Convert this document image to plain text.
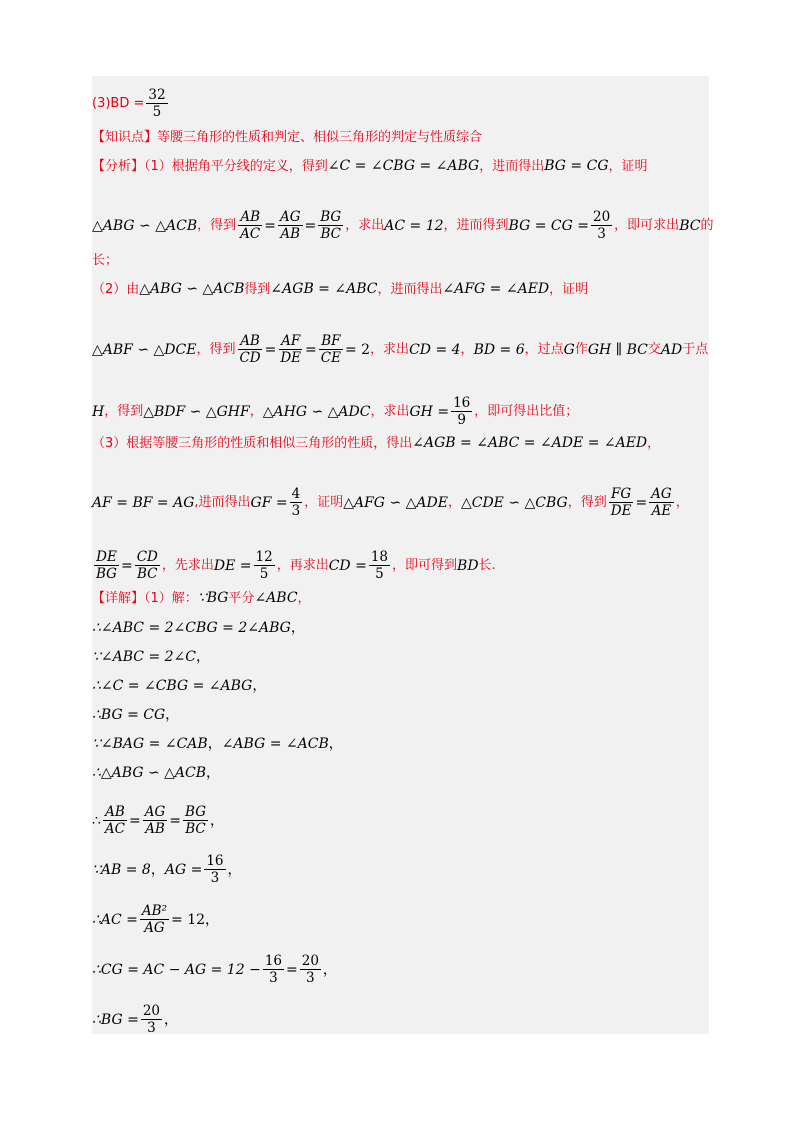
$(3)BD = \frac{32}{5}$
【知识点】等腰三角形的性质和判定、相似三角形的判定与性质综合
【分析】（1）根据角平分线的定义，得到 ∠C = ∠CBG = ∠ABG ，进而得出 BG = CG ，证明
△ABG ∽ △ACB ，得到 $\frac{AB}{AC} = \frac{AG}{AB} = \frac{BG}{BC}$ ，求出 AC = 12 ，进而得到 BG = CG = $\frac{20}{3}$ ，即可求出 BC 的
长；
（2）由 △ABG ∽ △ACB 得到 ∠AGB = ∠ABC ，进而得出 ∠AFG = ∠AED ，证明
△ABF ∽ △DCE ，得到 $\frac{AB}{CD} = \frac{AF}{DE} = \frac{BF}{CE} = 2$ ，求出 CD = 4 ， BD = 6 ，过点 G 作 GH ∥ BC 交 AD 于点
H ，得到 △BDF ∽ △GHF ， △AHG ∽ △ADC ，求出 GH = $\frac{16}{9}$ ，即可得出比值；
（3）根据等腰三角形的性质和相似三角形的性质，得出 ∠AGB = ∠ABC = ∠ADE = ∠AED ，
AF = BF = AG ,进而得出 GF = $\frac{4}{3}$ ，证明 △AFG ∽ △ADE ， △CDE ∽ △CBG ，得到 $\frac{FG}{DE} = \frac{AG}{AE}$ ，
$\frac{DE}{BG} = \frac{CD}{BC}$ ，先求出 DE = $\frac{12}{5}$ ，再求出 CD = $\frac{18}{5}$ ，即可得到 BD 长.
【详解】（1）解： ∵BG 平分 ∠ABC ，
∴∠ABC = 2∠CBG = 2∠ABG ，
∵∠ABC = 2∠C ，
∴∠C = ∠CBG = ∠ABG ，
∴BG = CG ，
∵∠BAG = ∠CAB ， ∠ABG = ∠ACB ，
∴△ABG ∽ △ACB ，
∴ $\frac{AB}{AC} = \frac{AG}{AB} = \frac{BG}{BC}$ ，
∵AB = 8 ， AG = $\frac{16}{3}$ ，
∴AC = $\frac{\text{AB²}}{AG} = 12$ ，
∴CG = AC − AG = $12 - \frac{16}{3} = \frac{20}{3}$ ，
∴BG = $\frac{20}{3}$ ，
